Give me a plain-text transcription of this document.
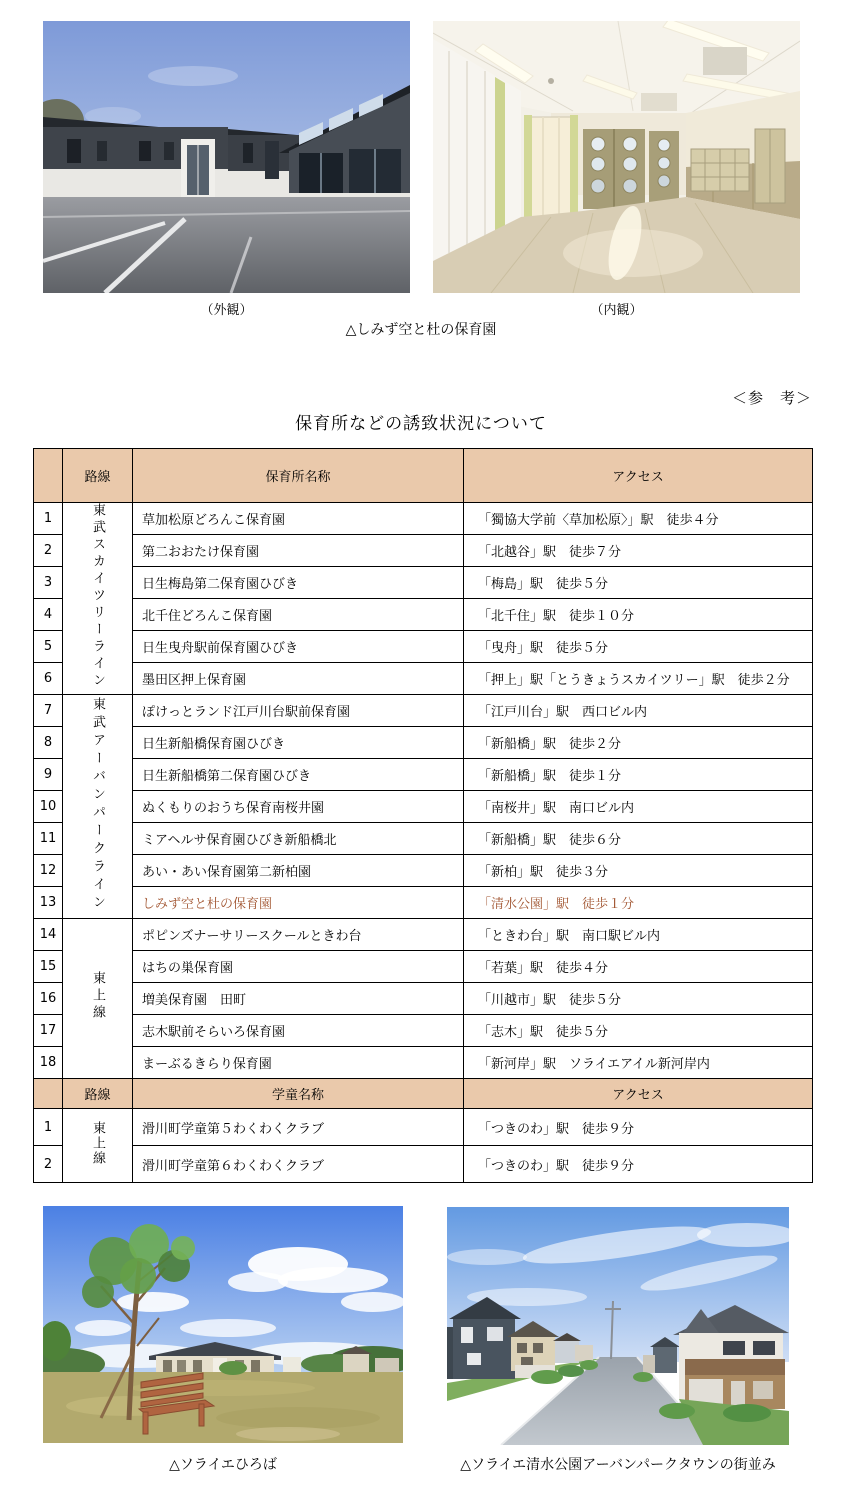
（外観）	（内観）
△しみず空と杜の保育園
＜参　考＞
保育所などの誘致状況について
	路線	保育所名称	アクセス
1	東武スカイツリーライン	草加松原どろんこ保育園	「獨協大学前〈草加松原〉」駅　徒歩４分
2		第二おおたけ保育園	「北越谷」駅　徒歩７分
3		日生梅島第二保育園ひびき	「梅島」駅　徒歩５分
4		北千住どろんこ保育園	「北千住」駅　徒歩１０分
5		日生曳舟駅前保育園ひびき	「曳舟」駅　徒歩５分
6		墨田区押上保育園	「押上」駅「とうきょうスカイツリー」駅　徒歩２分
7	東武アーバンパークライン	ぽけっとランド江戸川台駅前保育園	「江戸川台」駅　西口ビル内
8		日生新船橋保育園ひびき	「新船橋」駅　徒歩２分
9		日生新船橋第二保育園ひびき	「新船橋」駅　徒歩１分
10		ぬくもりのおうち保育南桜井園	「南桜井」駅　南口ビル内
11		ミアヘルサ保育園ひびき新船橋北	「新船橋」駅　徒歩６分
12		あい・あい保育園第二新柏園	「新柏」駅　徒歩３分
13		しみず空と杜の保育園	「清水公園」駅　徒歩１分
14	東上線	ポピンズナーサリースクールときわ台	「ときわ台」駅　南口駅ビル内
15		はちの巣保育園	「若葉」駅　徒歩４分
16		増美保育園　田町	「川越市」駅　徒歩５分
17		志木駅前そらいろ保育園	「志木」駅　徒歩５分
18		まーぶるきらり保育園	「新河岸」駅　ソライエアイル新河岸内
	路線	学童名称	アクセス
1	東上線	滑川町学童第５わくわくクラブ	「つきのわ」駅　徒歩９分
2		滑川町学童第６わくわくクラブ	「つきのわ」駅　徒歩９分
△ソライエひろば	△ソライエ清水公園アーバンパークタウンの街並み
